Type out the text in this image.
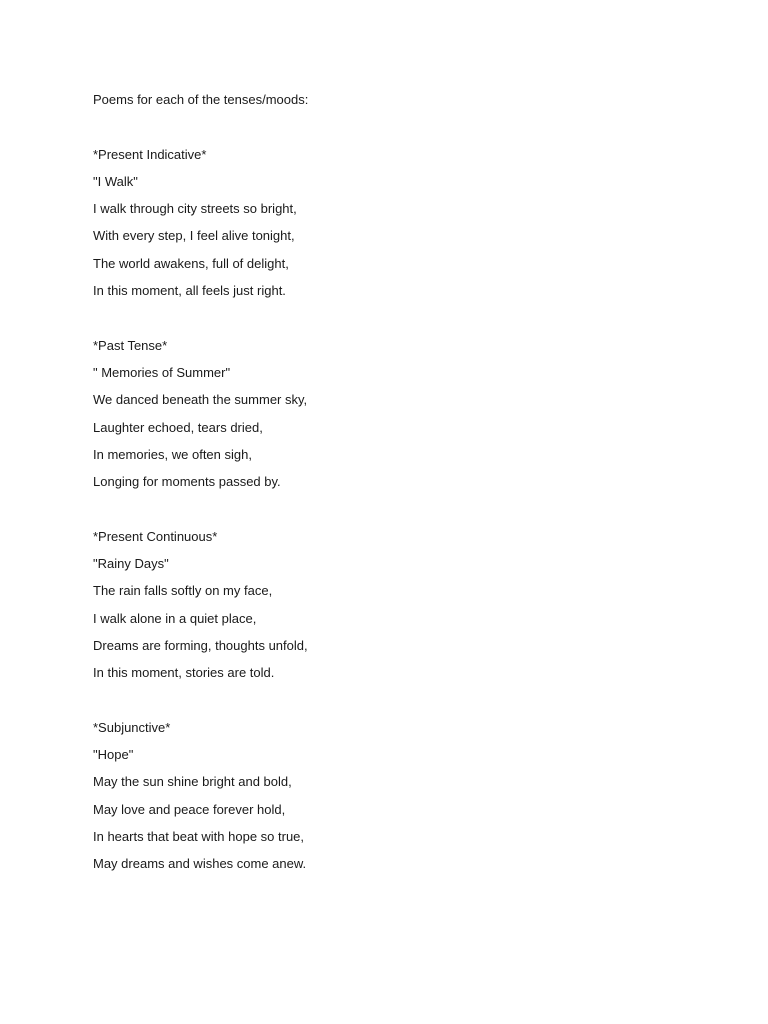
Poems for each of the tenses/moods:
*Present Indicative*
"I Walk"
I walk through city streets so bright,
With every step, I feel alive tonight,
The world awakens, full of delight,
In this moment, all feels just right.
*Past Tense*
" Memories of Summer"
We danced beneath the summer sky,
Laughter echoed, tears dried,
In memories, we often sigh,
Longing for moments passed by.
*Present Continuous*
"Rainy Days"
The rain falls softly on my face,
I walk alone in a quiet place,
Dreams are forming, thoughts unfold,
In this moment, stories are told.
*Subjunctive*
"Hope"
May the sun shine bright and bold,
May love and peace forever hold,
In hearts that beat with hope so true,
May dreams and wishes come anew.
